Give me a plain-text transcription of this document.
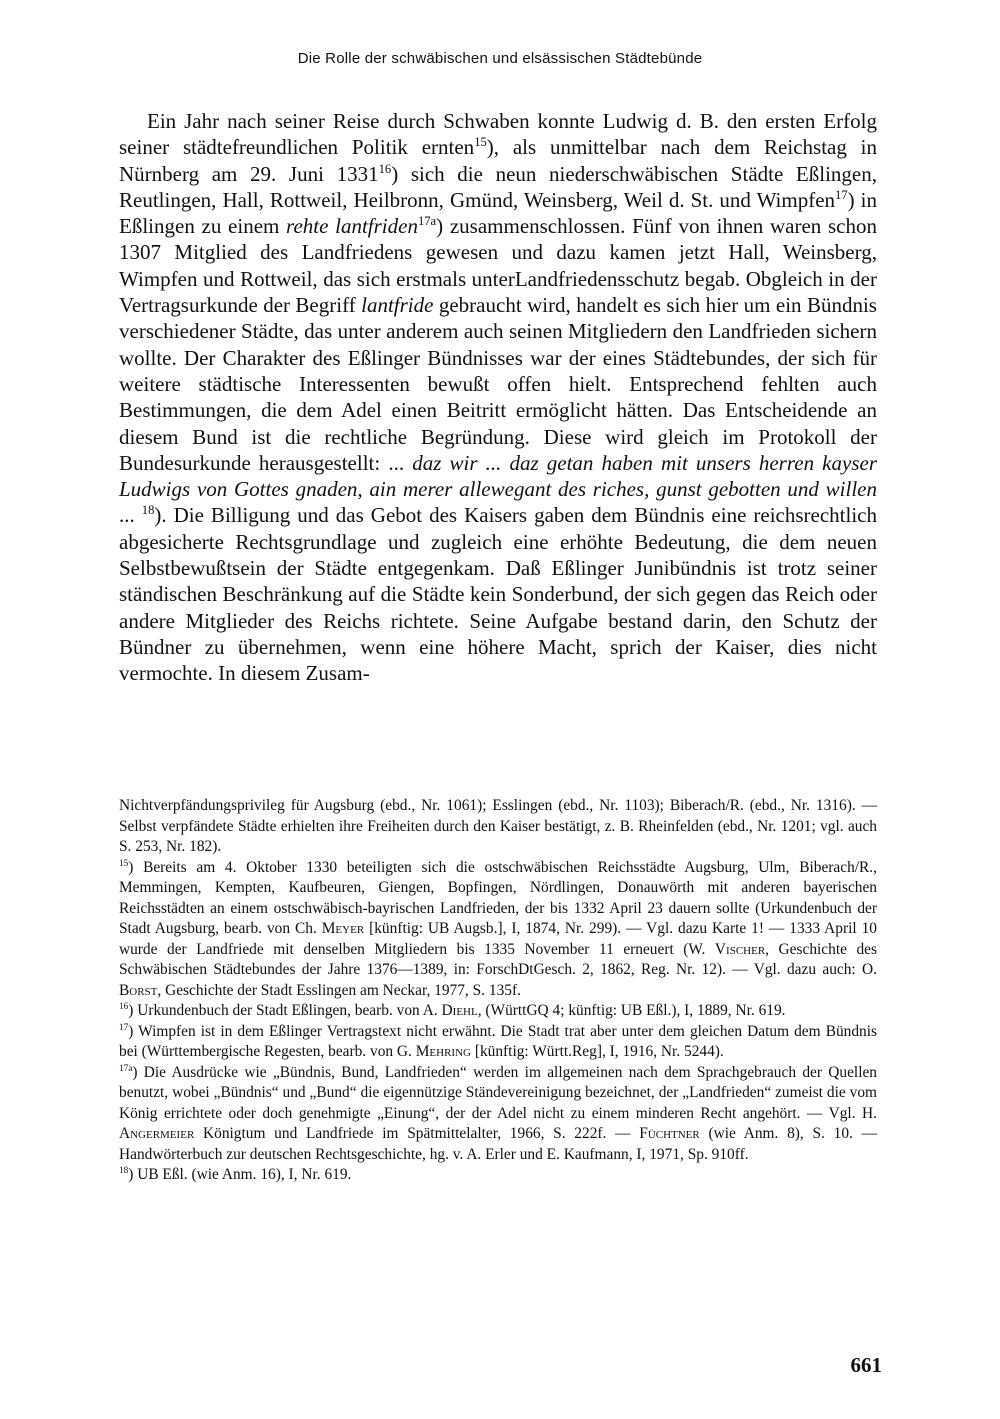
Die Rolle der schwäbischen und elsässischen Städtebünde

Ein Jahr nach seiner Reise durch Schwaben konnte Ludwig d. B. den ersten Erfolg seiner städtefreundlichen Politik ernten$^{15}$), als unmittelbar nach dem Reichstag in Nürnberg am 29. Juni 1331$^{16}$) sich die neun niederschwäbischen Städte Eßlingen, Reutlingen, Hall, Rottweil, Heilbronn, Gmünd, Weinsberg, Weil d. St. und Wimpfen$^{17}$) in Eßlingen zu einem rehte lantfriden$^{17a}$) zusammenschlossen. Fünf von ihnen waren schon 1307 Mitglied des Landfriedens gewesen und dazu kamen jetzt Hall, Weinsberg, Wimpfen und Rottweil, das sich erstmals unterLandfriedensschutz begab. Obgleich in der Vertragsurkunde der Begriff lantfride gebraucht wird, handelt es sich hier um ein Bündnis verschiedener Städte, das unter anderem auch seinen Mitgliedern den Landfrieden sichern wollte. Der Charakter des Eßlinger Bündnisses war der eines Städtebundes, der sich für weitere städtische Interessenten bewußt offen hielt. Entsprechend fehlten auch Bestimmungen, die dem Adel einen Beitritt ermöglicht hätten. Das Entscheidende an diesem Bund ist die rechtliche Begründung. Diese wird gleich im Protokoll der Bundesurkunde herausgestellt: ... daz wir ... daz getan haben mit unsers herren kayser Ludwigs von Gottes gnaden, ain merer allewegant des riches, gunst gebotten und willen ... $^{18}$). Die Billigung und das Gebot des Kaisers gaben dem Bündnis eine reichsrechtlich abgesicherte Rechtsgrundlage und zugleich eine erhöhte Bedeutung, die dem neuen Selbstbewußtsein der Städte entgegenkam. Daß Eßlinger Junibündnis ist trotz seiner ständischen Beschränkung auf die Städte kein Sonderbund, der sich gegen das Reich oder andere Mitglieder des Reichs richtete. Seine Aufgabe bestand darin, den Schutz der Bündner zu übernehmen, wenn eine höhere Macht, sprich der Kaiser, dies nicht vermochte. In diesem Zusam-

Nichtverpfändungsprivileg für Augsburg (ebd., Nr. 1061); Esslingen (ebd., Nr. 1103); Biberach/R. (ebd., Nr. 1316). — Selbst verpfändete Städte erhielten ihre Freiheiten durch den Kaiser bestätigt, z. B. Rheinfelden (ebd., Nr. 1201; vgl. auch S. 253, Nr. 182).

$^{15}$) Bereits am 4. Oktober 1330 beteiligten sich die ostschwäbischen Reichsstädte Augsburg, Ulm, Biberach/R., Memmingen, Kempten, Kaufbeuren, Giengen, Bopfingen, Nördlingen, Donauwörth mit anderen bayerischen Reichsstädten an einem ostschwäbisch-bayrischen Landfrieden, der bis 1332 April 23 dauern sollte (Urkundenbuch der Stadt Augsburg, bearb. von Ch. Meyer [künftig: UB Augsb.], I, 1874, Nr. 299). — Vgl. dazu Karte 1! — 1333 April 10 wurde der Landfriede mit denselben Mitgliedern bis 1335 November 11 erneuert (W. Vischer, Geschichte des Schwäbischen Städtebundes der Jahre 1376—1389, in: ForschDtGesch. 2, 1862, Reg. Nr. 12). — Vgl. dazu auch: O. Borst, Geschichte der Stadt Esslingen am Neckar, 1977, S. 135f.

$^{16}$) Urkundenbuch der Stadt Eßlingen, bearb. von A. Diehl, (WürttGQ 4; künftig: UB Eßl.), I, 1889, Nr. 619.

$^{17}$) Wimpfen ist in dem Eßlinger Vertragstext nicht erwähnt. Die Stadt trat aber unter dem gleichen Datum dem Bündnis bei (Württembergische Regesten, bearb. von G. Mehring [künftig: Württ.Reg], I, 1916, Nr. 5244).

$^{17a}$) Die Ausdrücke wie „Bündnis, Bund, Landfrieden“ werden im allgemeinen nach dem Sprachgebrauch der Quellen benutzt, wobei „Bündnis“ und „Bund“ die eigennützige Ständevereinigung bezeichnet, der „Landfrieden“ zumeist die vom König errichtete oder doch genehmigte „Einung“, der der Adel nicht zu einem minderen Recht angehört. — Vgl. H. Angermeier Königtum und Landfriede im Spätmittelalter, 1966, S. 222f. — Füchtner (wie Anm. 8), S. 10. — Handwörterbuch zur deutschen Rechtsgeschichte, hg. v. A. Erler und E. Kaufmann, I, 1971, Sp. 910ff.

$^{18}$) UB Eßl. (wie Anm. 16), I, Nr. 619.

661
